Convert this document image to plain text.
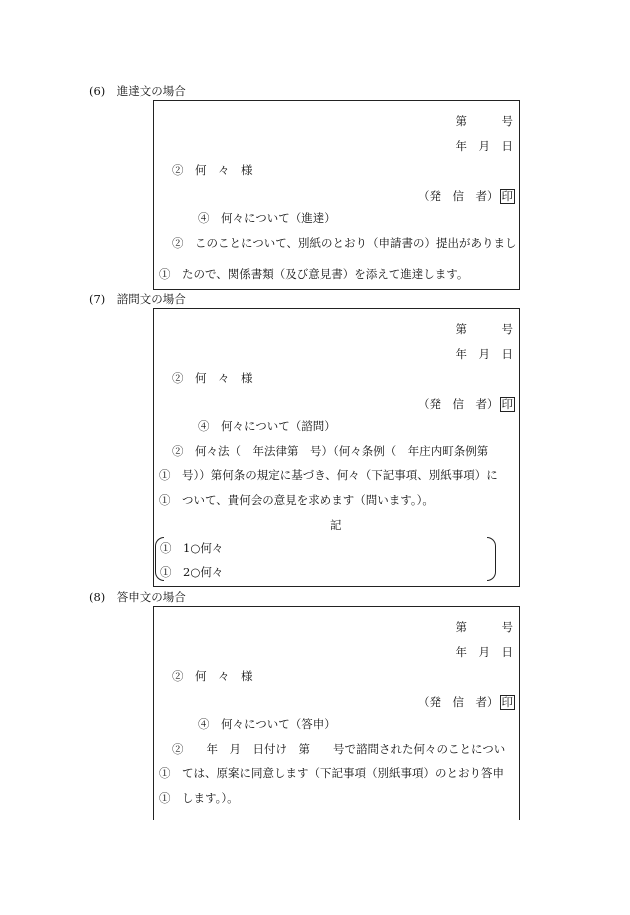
(6)　進達文の場合
第　　　号
年　月　日
②　何　々　様
（発　信　者） 印
④　何々について（進達）
②　このことについて、別紙のとおり（申請書の）提出がありまし
①　たので、関係書類（及び意見書）を添えて進達します。
(7)　諮問文の場合
第　　　号
年　月　日
②　何　々　様
（発　信　者） 印
④　何々について（諮問）
②　何々法（　年法律第　号）（何々条例（　年庄内町条例第
①　号））第何条の規定に基づき、何々（下記事項、別紙事項）に
①　ついて、貴何会の意見を求めます（問います。）。
記
①　1○何々
①　2○何々
(8)　答申文の場合
第　　　号
年　月　日
②　何　々　様
（発　信　者） 印
④　何々について（答申）
②　　年　月　日付け　第　　号で諮問された何々のことについ
①　ては、原案に同意します（下記事項（別紙事項）のとおり答申
①　します。）。
